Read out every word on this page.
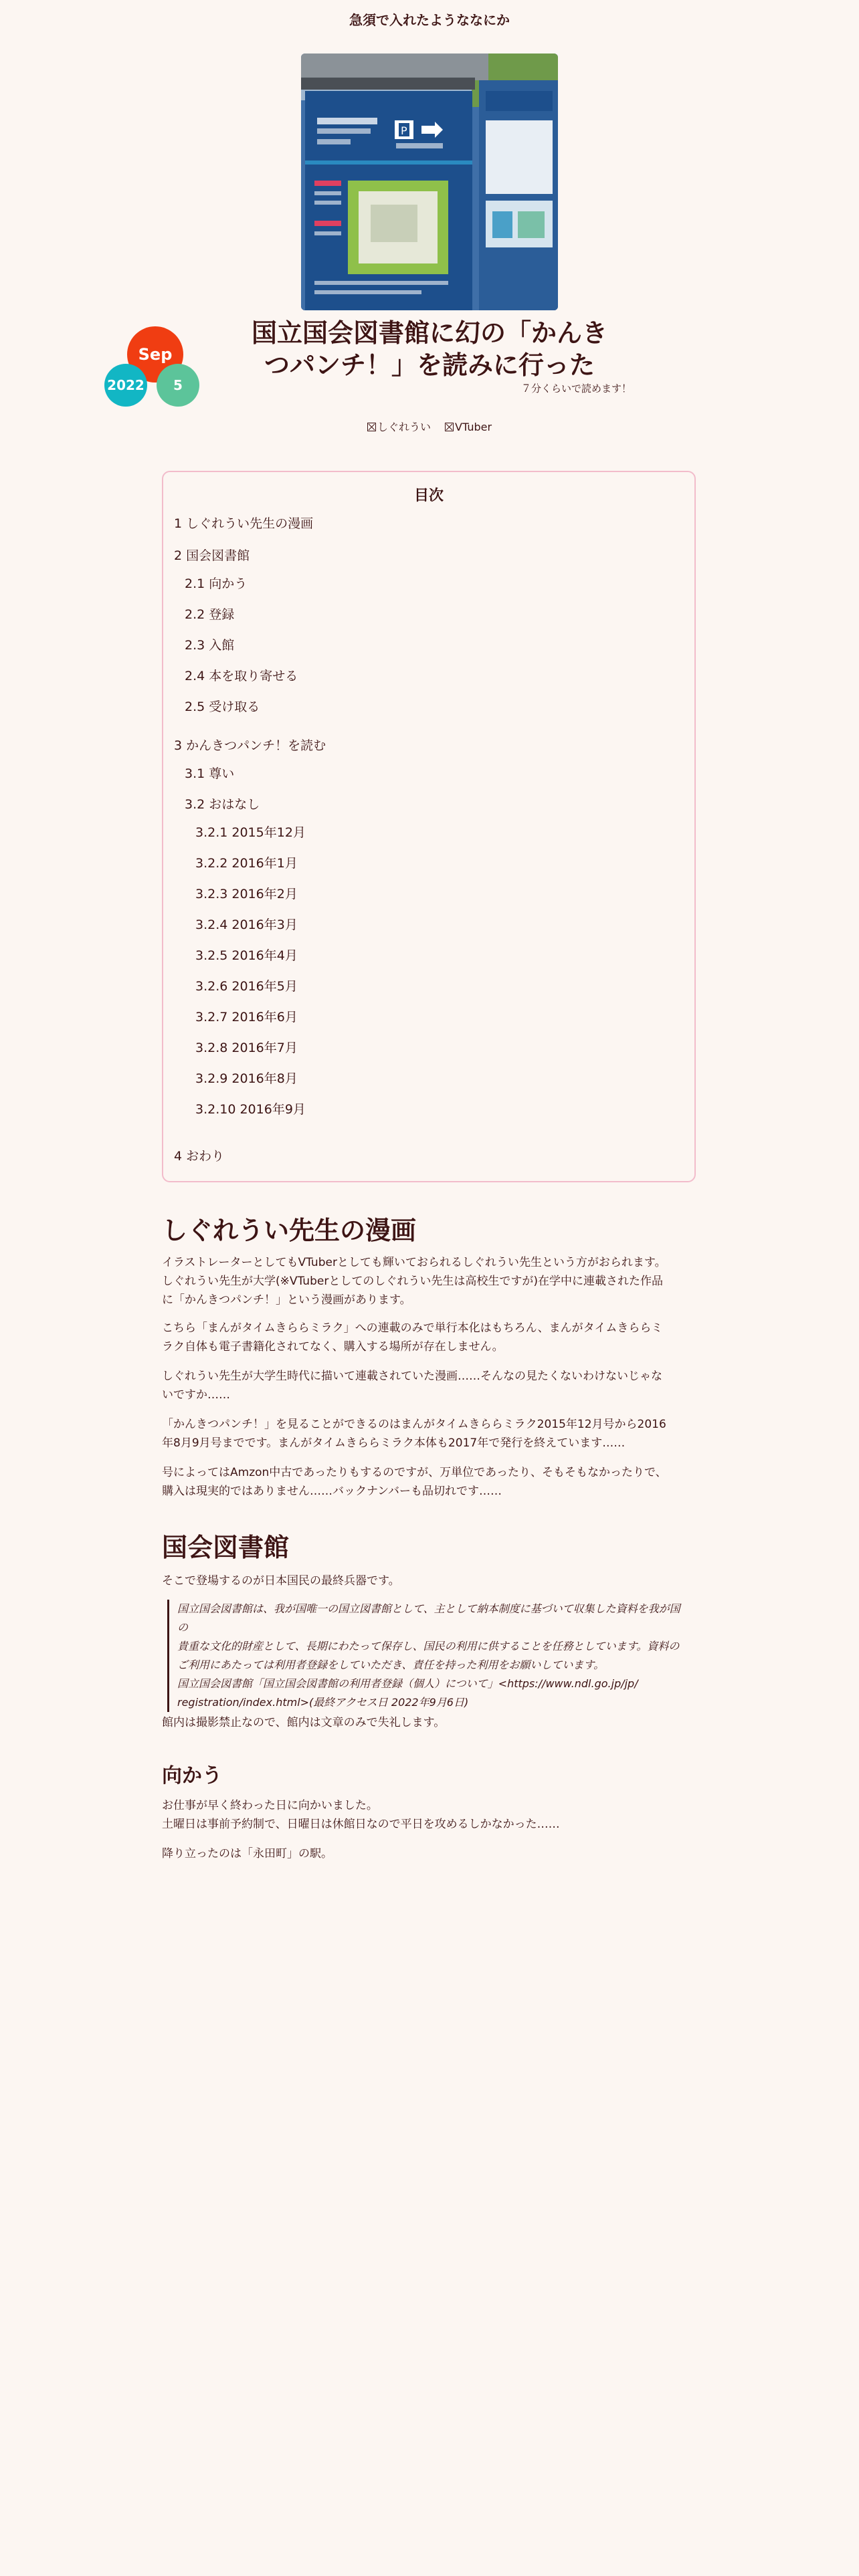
急須で入れたようななにか
P
Sep
2022	5
国立国会図書館に幻の「かんき
つパンチ！」を読みに行った
７分くらいで読めます！
しぐれうい VTuber
目次
1 しぐれうい先生の漫画
2 国会図書館
2.1 向かう
2.2 登録
2.3 入館
2.4 本を取り寄せる
2.5 受け取る
3 かんきつパンチ！を読む
3.1 尊い
3.2 おはなし
3.2.1 2015年12月
3.2.2 2016年1月
3.2.3 2016年2月
3.2.4 2016年3月
3.2.5 2016年4月
3.2.6 2016年5月
3.2.7 2016年6月
3.2.8 2016年7月
3.2.9 2016年8月
3.2.10 2016年9月
4 おわり
しぐれうい先生の漫画
イラストレーターとしてもVTuberとしても輝いておられるしぐれうい先生という方がおられます。
しぐれうい先生が大学(※VTuberとしてのしぐれうい先生は高校生ですが)在学中に連載された作品
に「かんきつパンチ！」という漫画があります。
こちら「まんがタイムきららミラク」への連載のみで単行本化はもちろん、まんがタイムきららミ
ラク自体も電子書籍化されてなく、購入する場所が存在しません。
しぐれうい先生が大学生時代に描いて連載されていた漫画……そんなの見たくないわけないじゃな
いですか……
「かんきつパンチ！」を見ることができるのはまんがタイムきららミラク2015年12月号から2016
年8月9月号までです。まんがタイムきららミラク本体も2017年で発行を終えています……
号によってはAmzon中古であったりもするのですが、万単位であったり、そもそもなかったりで、
購入は現実的ではありません……バックナンバーも品切れです……
国会図書館
そこで登場するのが日本国民の最終兵器です。
国立国会図書館は、我が国唯一の国立図書館として、主として納本制度に基づいて収集した資料を我が国の
貴重な文化的財産として、長期にわたって保存し、国民の利用に供することを任務としています。資料の
ご利用にあたっては利用者登録をしていただき、責任を持った利用をお願いしています。
国立国会図書館「国立国会図書館の利用者登録（個人）について」<https://www.ndl.go.jp/jp/
registration/index.html>(最終アクセス日 2022年9月6日)
館内は撮影禁止なので、館内は文章のみで失礼します。
向かう
お仕事が早く終わった日に向かいました。
土曜日は事前予約制で、日曜日は休館日なので平日を攻めるしかなかった……
降り立ったのは「永田町」の駅。
